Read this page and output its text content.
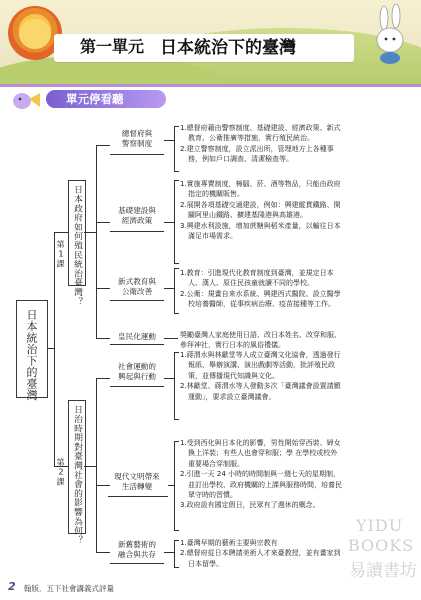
第一單元 日本統治下的臺灣
單元停看聽
日本統治下的臺灣
日本政府如何殖民統治臺灣？
第1課
總督府與
警察制度
基礎建設與
經濟政策
新式教育與
公衛改善
皇民化運動
1.總督府藉由警察制度、基礎建設、經濟政策、新式
教育、公衛推廣等措施，實行殖民統治。
2.建立警察制度，設立派出所，管理地方上各種事
務，例如戶口調查、清潔檢查等。
1.實施專賣制度，樟腦、菸、酒等物品，只能由政府
指定的機關販售。
2.展開各項基礎交通建設，例如：興建縱貫鐵路、開
闢阿里山鐵路、擴建基隆港與高雄港。
3.興建水利設施，增加蔗糖與稻米產量，以輸往日本
滿足市場需求。
1.教育：引進現代化教育制度到臺灣，並規定日本
人、漢人、原住民孩童就讀不同的學校。
2.公衛：規畫自來水系統、興建西式醫院、設立醫學
校培養醫師，從事疾病治療、疫苗接種等工作。
獎勵臺灣人家庭使用日語、改日本姓名、改穿和服、
參拜神社，實行日本的風俗禮儀。
日治時期對臺灣社會的影響為何？
第2課
社會運動的
興起與行動
現代文明帶來
生活轉變
新舊藝術的
融合與共存
1.蔣渭水與林獻堂等人成立臺灣文化協會，透過發行
報紙、舉辦演講、演出戲劇等活動，批評殖民政
策，並傳播現代知識與文化。
2.林獻堂、蔣渭水等人發動多次「臺灣議會設置請願
運動」，要求設立臺灣議會。
1.受到西化與日本化的影響，男性開始穿西裝、婦女
換上洋裝；有些人也會穿和服；學 在學校或校外
重要場合穿制服。
2.引進一天 24 小時的時間制與一週七天的星期制，
並訂出學校、政府機關的上課與服務時間，培養民
眾守時的習慣。
3.政府設有國定假日，民眾有了週休的概念。
1.臺灣早期的藝術主要與宗教有
2.總督府從日本聘請美術人才來臺教授，並有畫家到
日本留學。
YIDU
BOOKS
易讀書坊
2 翰版．五下社會講義式評量
